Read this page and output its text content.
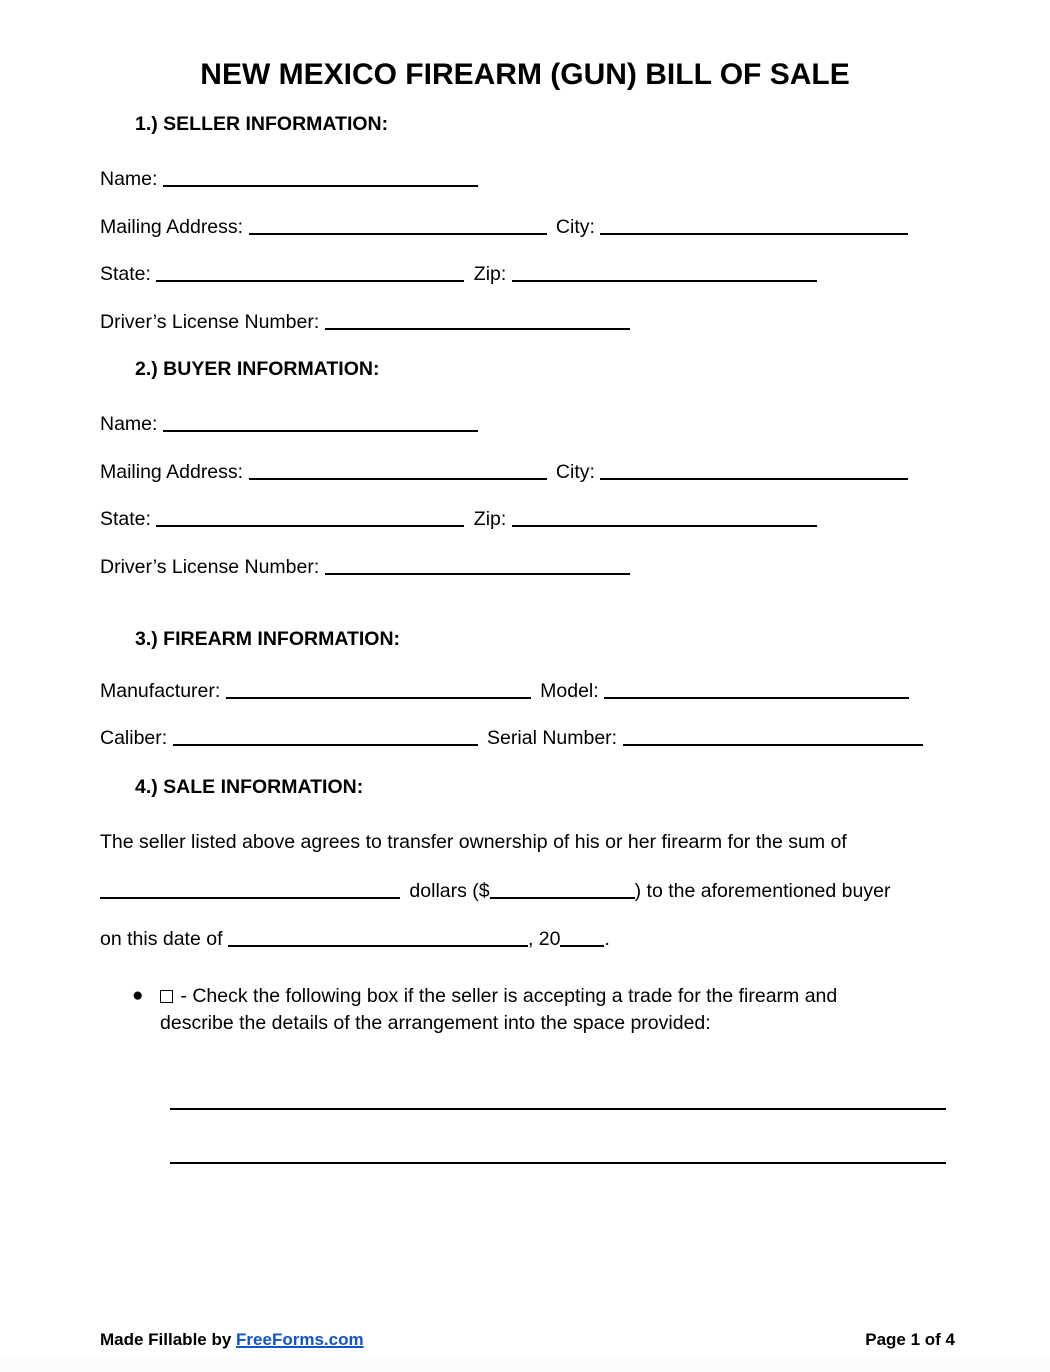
NEW MEXICO FIREARM (GUN) BILL OF SALE
1.) SELLER INFORMATION:
Name:
Mailing Address:	City:
State:	Zip:
Driver’s License Number:
2.) BUYER INFORMATION:
Name:
Mailing Address:	City:
State:	Zip:
Driver’s License Number:
3.) FIREARM INFORMATION:
Manufacturer:	Model:
Caliber:	Serial Number:
4.) SALE INFORMATION:
The seller listed above agrees to transfer ownership of his or her firearm for the sum of
dollars ($	) to the aforementioned buyer
on this date of	, 20 .
●	- Check the following box if the seller is accepting a trade for the firearm and
describe the details of the arrangement into the space provided:
Made Fillable by FreeForms.com	Page 1 of 4
